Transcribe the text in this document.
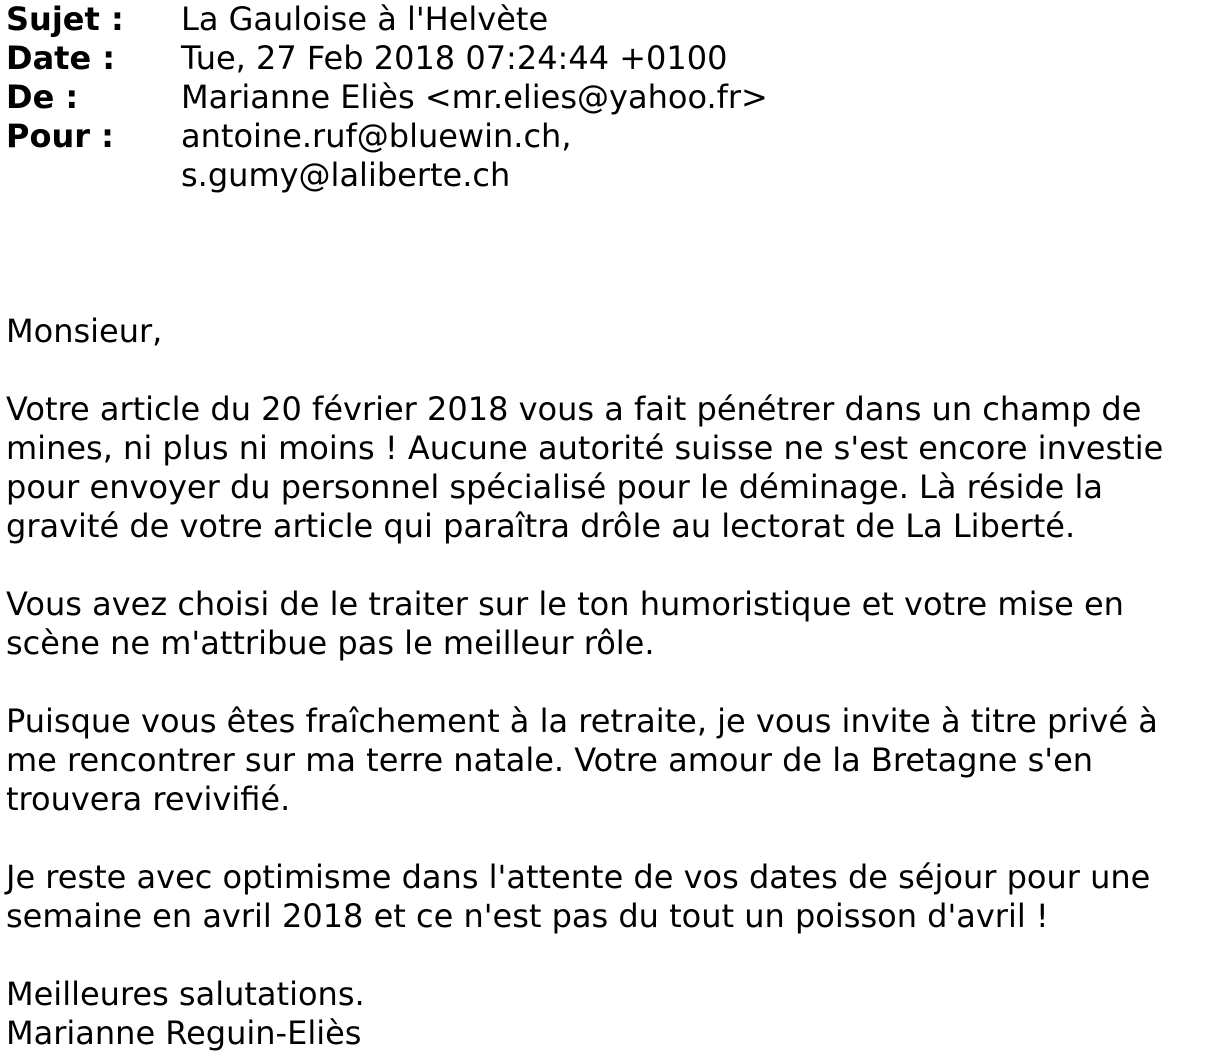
Sujet :	La Gauloise à l'Helvète
Date :	Tue, 27 Feb 2018 07:24:44 +0100
De :	Marianne Eliès <mr.elies@yahoo.fr>
Pour :	antoine.ruf@bluewin.ch,
s.gumy@laliberte.ch

Monsieur,

Votre article du 20 février 2018 vous a fait pénétrer dans un champ de
mines, ni plus ni moins ! Aucune autorité suisse ne s'est encore investie
pour envoyer du personnel spécialisé pour le déminage. Là réside la
gravité de votre article qui paraîtra drôle au lectorat de La Liberté.

Vous avez choisi de le traiter sur le ton humoristique et votre mise en
scène ne m'attribue pas le meilleur rôle.

Puisque vous êtes fraîchement à la retraite, je vous invite à titre privé à
me rencontrer sur ma terre natale. Votre amour de la Bretagne s'en
trouvera revivifié.

Je reste avec optimisme dans l'attente de vos dates de séjour pour une
semaine en avril 2018 et ce n'est pas du tout un poisson d'avril !

Meilleures salutations.
Marianne Reguin-Eliès
